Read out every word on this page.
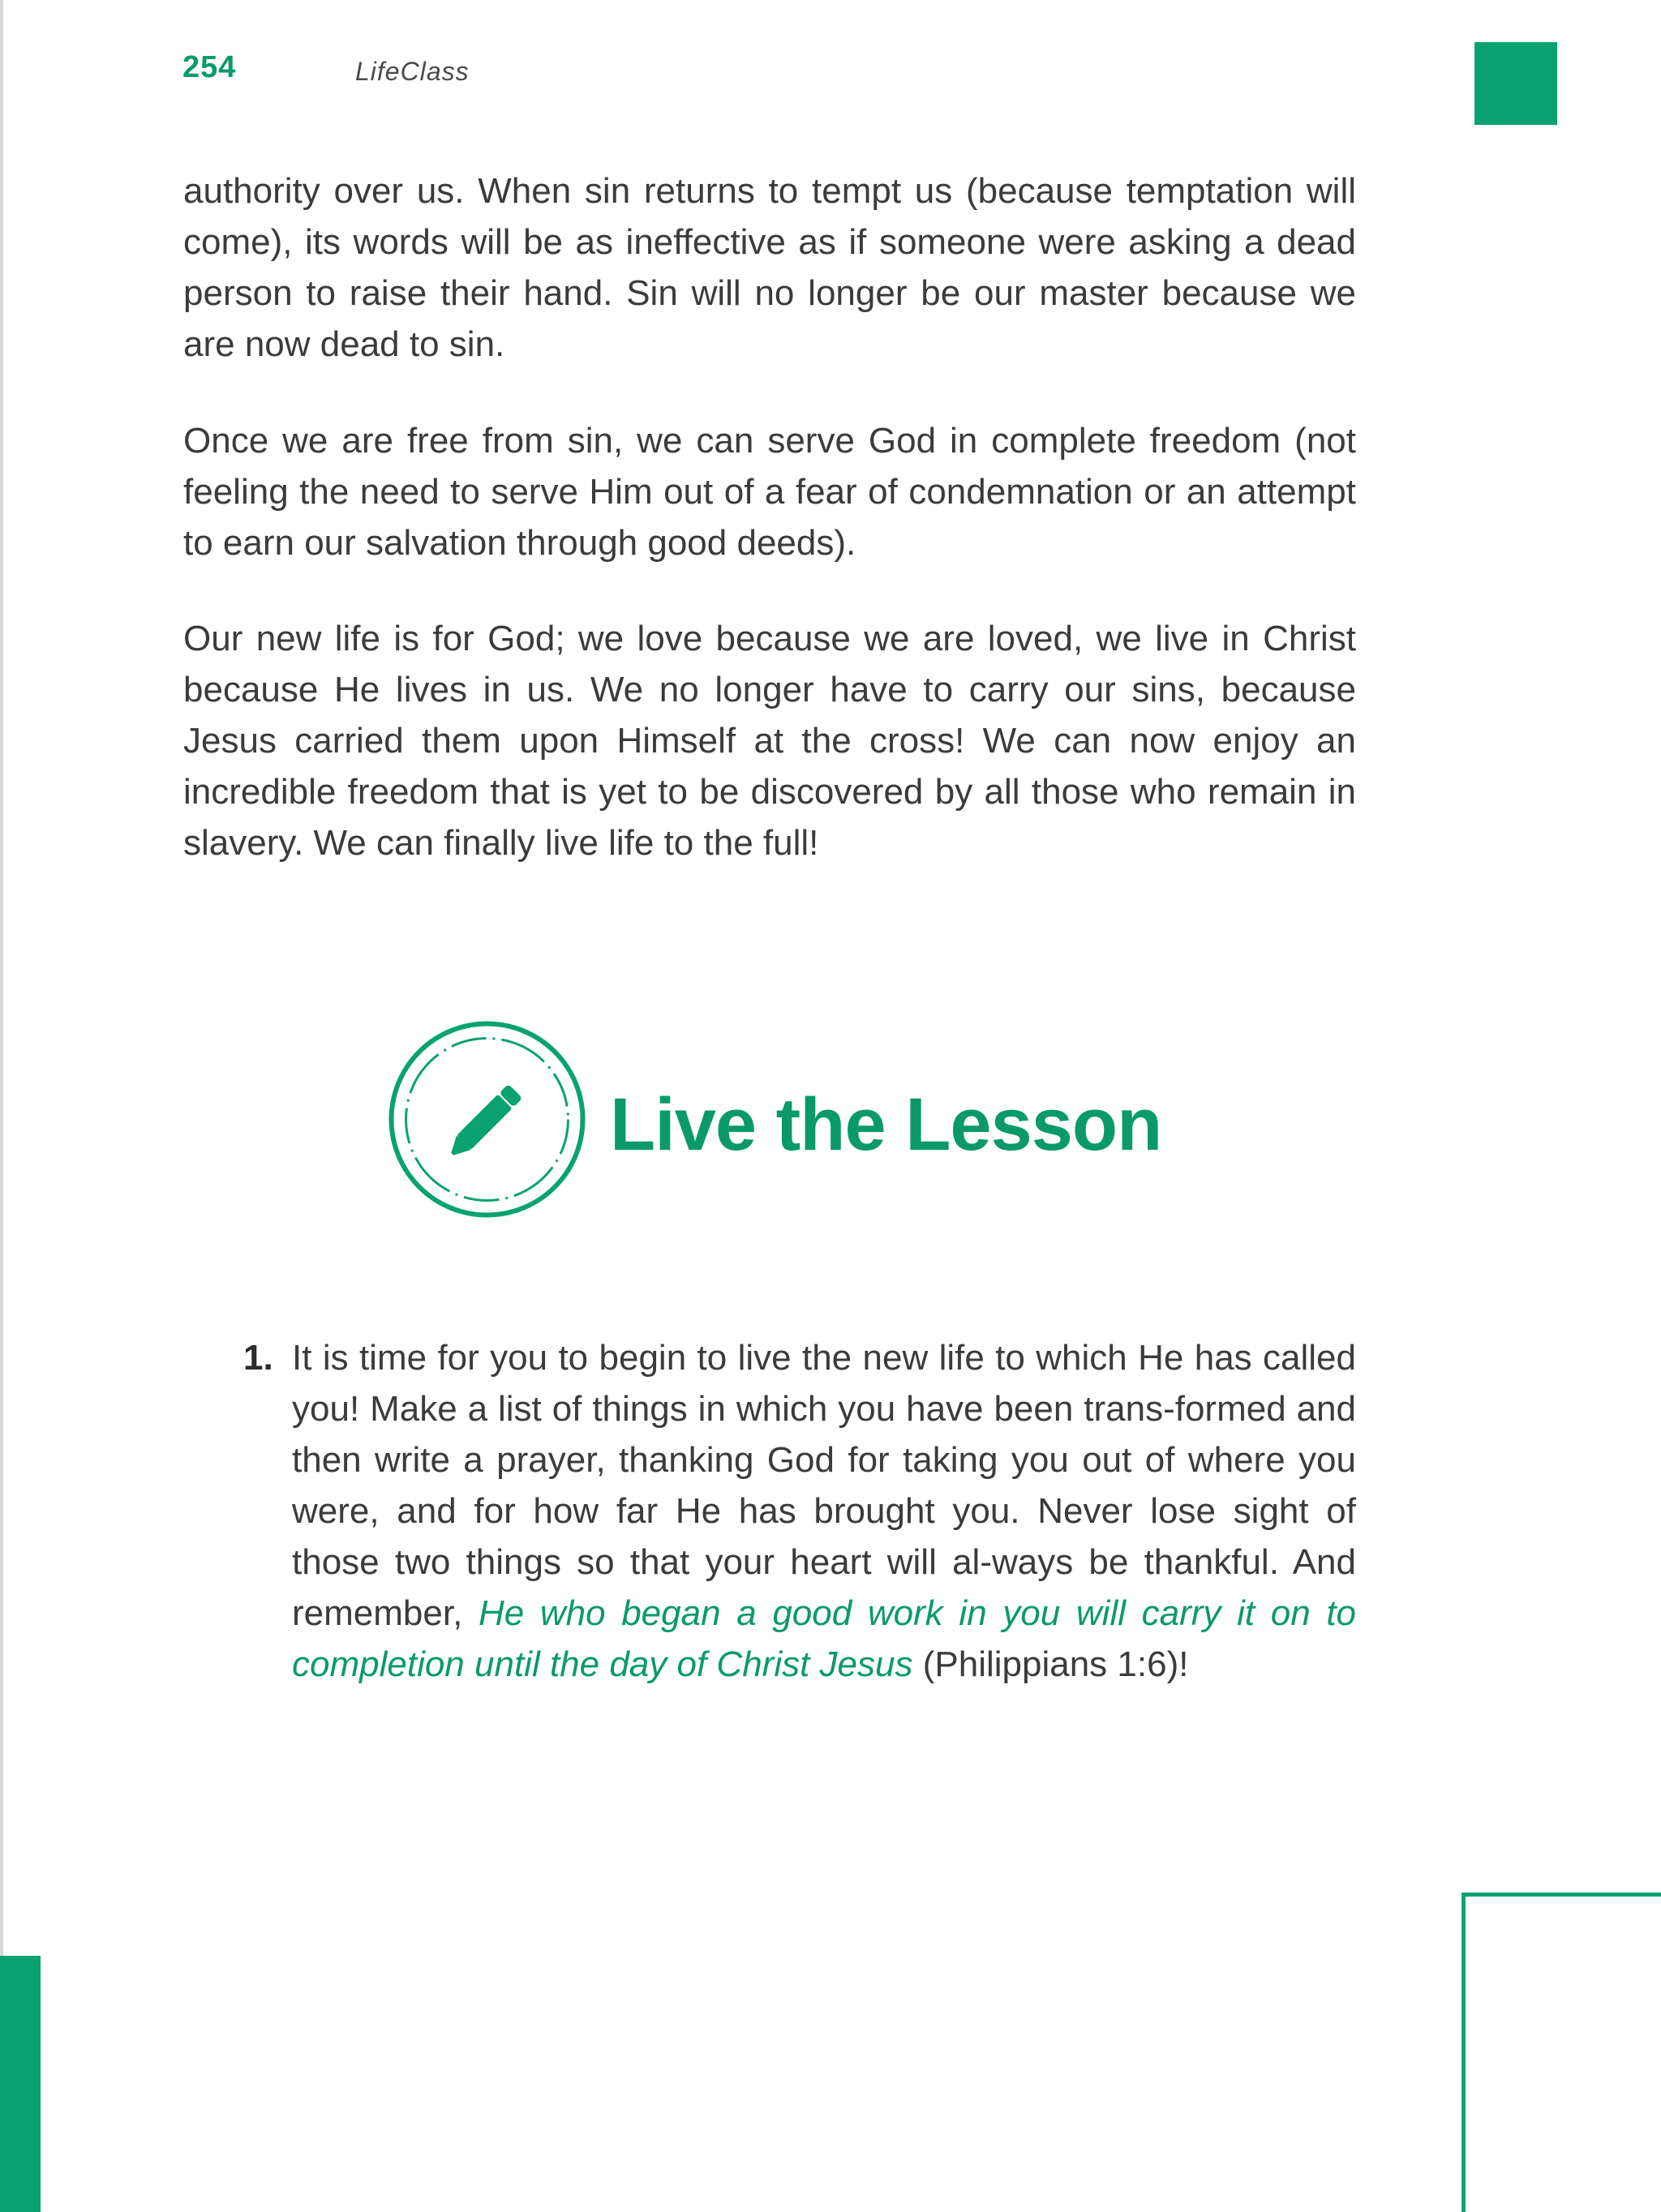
254	LifeClass

authority over us. When sin returns to tempt us (because temptation will come), its words will be as ineffective as if someone were asking a dead person to raise their hand. Sin will no longer be our master because we are now dead to sin.

Once we are free from sin, we can serve God in complete freedom (not feeling the need to serve Him out of a fear of condemnation or an attempt to earn our salvation through good deeds).

Our new life is for God; we love because we are loved, we live in Christ because He lives in us. We no longer have to carry our sins, because Jesus carried them upon Himself at the cross! We can now enjoy an incredible freedom that is yet to be discovered by all those who remain in slavery. We can finally live life to the full!

Live the Lesson
1. It is time for you to begin to live the new life to which He has called you! Make a list of things in which you have been trans-formed and then write a prayer, thanking God for taking you out of where you were, and for how far He has brought you. Never lose sight of those two things so that your heart will al-ways be thankful. And remember, He who began a good work in you will carry it on to completion until the day of Christ Jesus (Philippians 1:6)!
